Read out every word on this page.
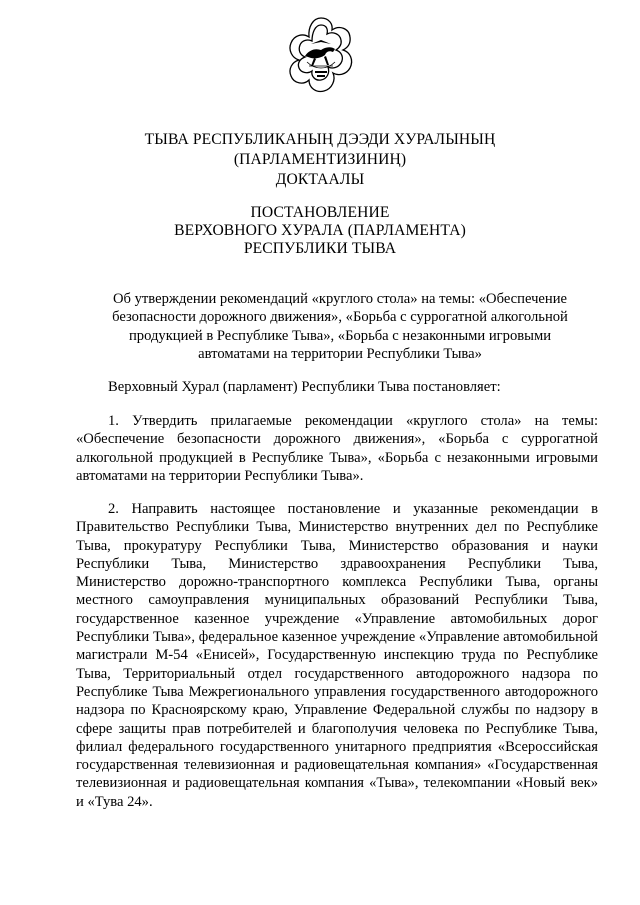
ТЫВА РЕСПУБЛИКАНЫҢ ДЭЭДИ ХУРАЛЫНЫҢ
(ПАРЛАМЕНТИЗИНИҢ)
ДОКТААЛЫ
ПОСТАНОВЛЕНИЕ
ВЕРХОВНОГО ХУРАЛА (ПАРЛАМЕНТА)
РЕСПУБЛИКИ ТЫВА
Об утверждении рекомендаций «круглого стола» на темы: «Обеспечение безопасности дорожного движения», «Борьба с суррогатной алкогольной продукцией в Республике Тыва», «Борьба с незаконными игровыми автоматами на территории Республики Тыва»
Верховный Хурал (парламент) Республики Тыва постановляет:
1. Утвердить прилагаемые рекомендации «круглого стола» на темы: «Обеспечение безопасности дорожного движения», «Борьба с суррогатной алкогольной продукцией в Республике Тыва», «Борьба с незаконными игровыми автоматами на территории Республики Тыва».
2. Направить настоящее постановление и указанные рекомендации в Правительство Республики Тыва, Министерство внутренних дел по Республике Тыва, прокуратуру Республики Тыва, Министерство образования и науки Республики Тыва, Министерство здравоохранения Республики Тыва, Министерство дорожно-транспортного комплекса Республики Тыва, органы местного самоуправления муниципальных образований Республики Тыва, государственное казенное учреждение «Управление автомобильных дорог Республики Тыва», федеральное казенное учреждение «Управление автомобильной магистрали М-54 «Енисей», Государственную инспекцию труда по Республике Тыва, Территориальный отдел государственного автодорожного надзора по Республике Тыва Межрегионального управления государственного автодорожного надзора по Красноярскому краю, Управление Федеральной службы по надзору в сфере защиты прав потребителей и благополучия человека по Республике Тыва, филиал федерального государственного унитарного предприятия «Всероссийская государственная телевизионная и радиовещательная компания» «Государственная телевизионная и радиовещательная компания «Тыва», телекомпании «Новый век» и «Тува 24».
